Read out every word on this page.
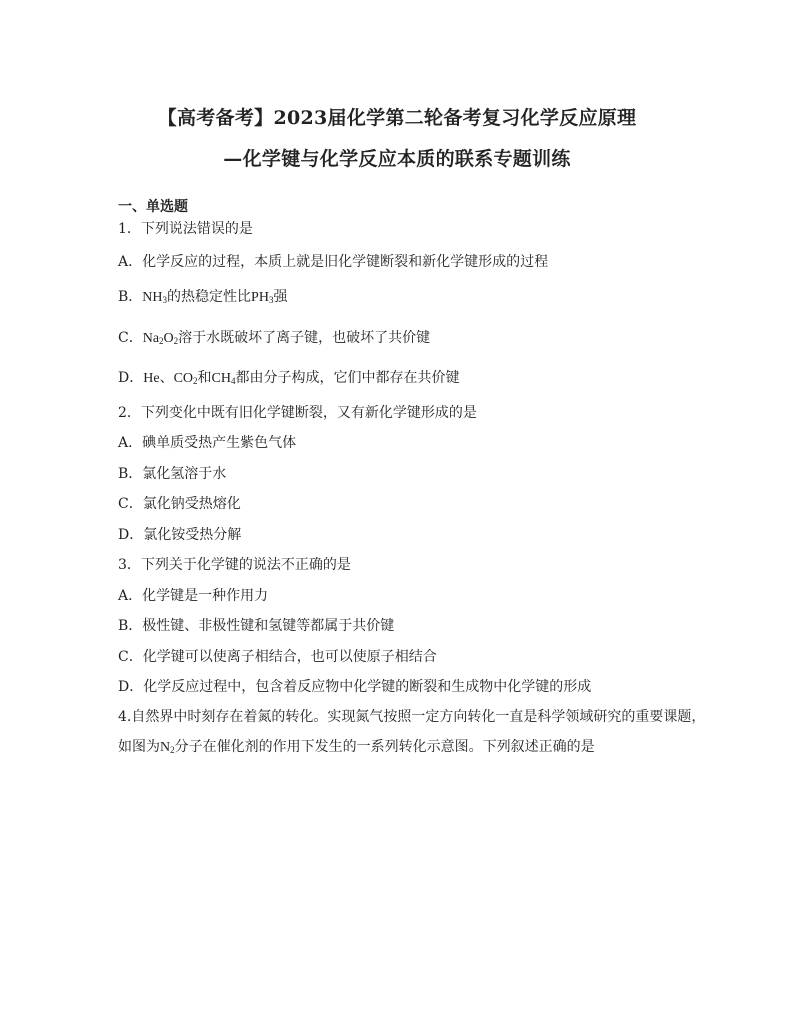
【高考备考】2023届化学第二轮备考复习化学反应原理
—化学键与化学反应本质的联系专题训练
一、单选题
1．下列说法错误的是
A．化学反应的过程，本质上就是旧化学键断裂和新化学键形成的过程
B．$NH_3$的热稳定性比$PH_3$强
C．$Na_2O_2$溶于水既破坏了离子键，也破坏了共价键
D．He、$CO_2$和$CH_4$都由分子构成，它们中都存在共价键
2．下列变化中既有旧化学键断裂，又有新化学键形成的是
A．碘单质受热产生紫色气体
B．氯化氢溶于水
C．氯化钠受热熔化
D．氯化铵受热分解
3．下列关于化学键的说法不正确的是
A．化学键是一种作用力
B．极性键、非极性键和氢键等都属于共价键
C．化学键可以使离子相结合，也可以使原子相结合
D．化学反应过程中，包含着反应物中化学键的断裂和生成物中化学键的形成
4.自然界中时刻存在着氮的转化。实现氮气按照一定方向转化一直是科学领域研究的重要课题，
如图为$N_2$分子在催化剂的作用下发生的一系列转化示意图。下列叙述正确的是
